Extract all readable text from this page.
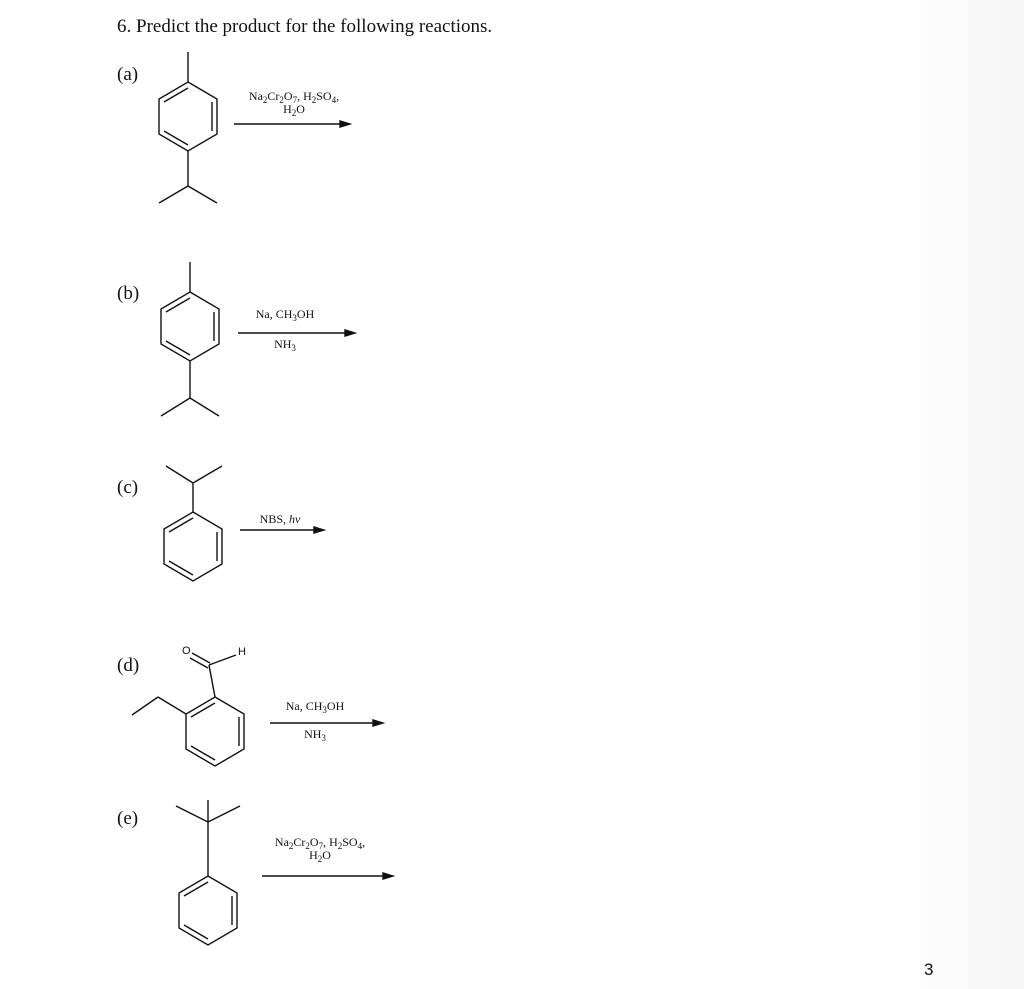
6. Predict the product for the following reactions.
(a)
$Na_2Cr_2O_7$, $H_2SO_4$,
$H_2O$
(b)
Na, $CH_3OH$
$NH_3$
(c)
NBS, hv
(d)
O	H
Na, $CH_3OH$
$NH_3$
(e)
$Na_2Cr_2O_7$, $H_2SO_4$,
$H_2O$
3
